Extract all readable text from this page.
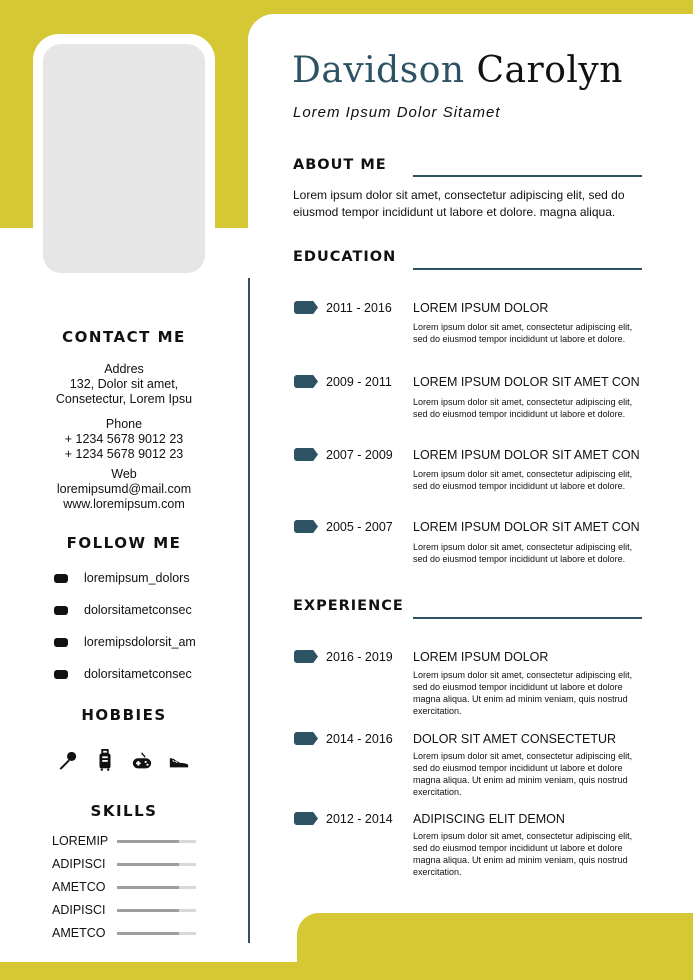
Davidson Carolyn
Lorem Ipsum Dolor Sitamet
ABOUT ME
Lorem ipsum dolor sit amet, consectetur adipiscing elit, sed do eiusmod tempor incididunt ut labore et dolore. magna aliqua.
EDUCATION
2011 - 2016 LOREM IPSUM DOLOR
Lorem ipsum dolor sit amet, consectetur adipiscing elit,
sed do eiusmod tempor incididunt ut labore et dolore.
2009 - 2011 LOREM IPSUM DOLOR SIT AMET CON
Lorem ipsum dolor sit amet, consectetur adipiscing elit,
sed do eiusmod tempor incididunt ut labore et dolore.
2007 - 2009 LOREM IPSUM DOLOR SIT AMET CON
Lorem ipsum dolor sit amet, consectetur adipiscing elit,
sed do eiusmod tempor incididunt ut labore et dolore.
2005 - 2007 LOREM IPSUM DOLOR SIT AMET CON
Lorem ipsum dolor sit amet, consectetur adipiscing elit,
sed do eiusmod tempor incididunt ut labore et dolore.
EXPERIENCE
2016 - 2019 LOREM IPSUM DOLOR
Lorem ipsum dolor sit amet, consectetur adipiscing elit,
sed do eiusmod tempor incididunt ut labore et dolore
magna aliqua. Ut enim ad minim veniam, quis nostrud
exercitation.
2014 - 2016 DOLOR SIT AMET CONSECTETUR
Lorem ipsum dolor sit amet, consectetur adipiscing elit,
sed do eiusmod tempor incididunt ut labore et dolore
magna aliqua. Ut enim ad minim veniam, quis nostrud
exercitation.
2012 - 2014 ADIPISCING ELIT DEMON
Lorem ipsum dolor sit amet, consectetur adipiscing elit,
sed do eiusmod tempor incididunt ut labore et dolore
magna aliqua. Ut enim ad minim veniam, quis nostrud
exercitation.
CONTACT ME
Addres
132, Dolor sit amet,
Consetectur, Lorem Ipsu
Phone
+ 1234 5678 9012 23
+ 1234 5678 9012 23
Web
loremipsumd@mail.com
www.loremipsum.com
FOLLOW ME
loremipsum_dolors
dolorsitametconsec
loremipsdolorsit_am
dolorsitametconsec
HOBBIES
SKILLS
LOREMIP
ADIPISCI
AMETCO
ADIPISCI
AMETCO
